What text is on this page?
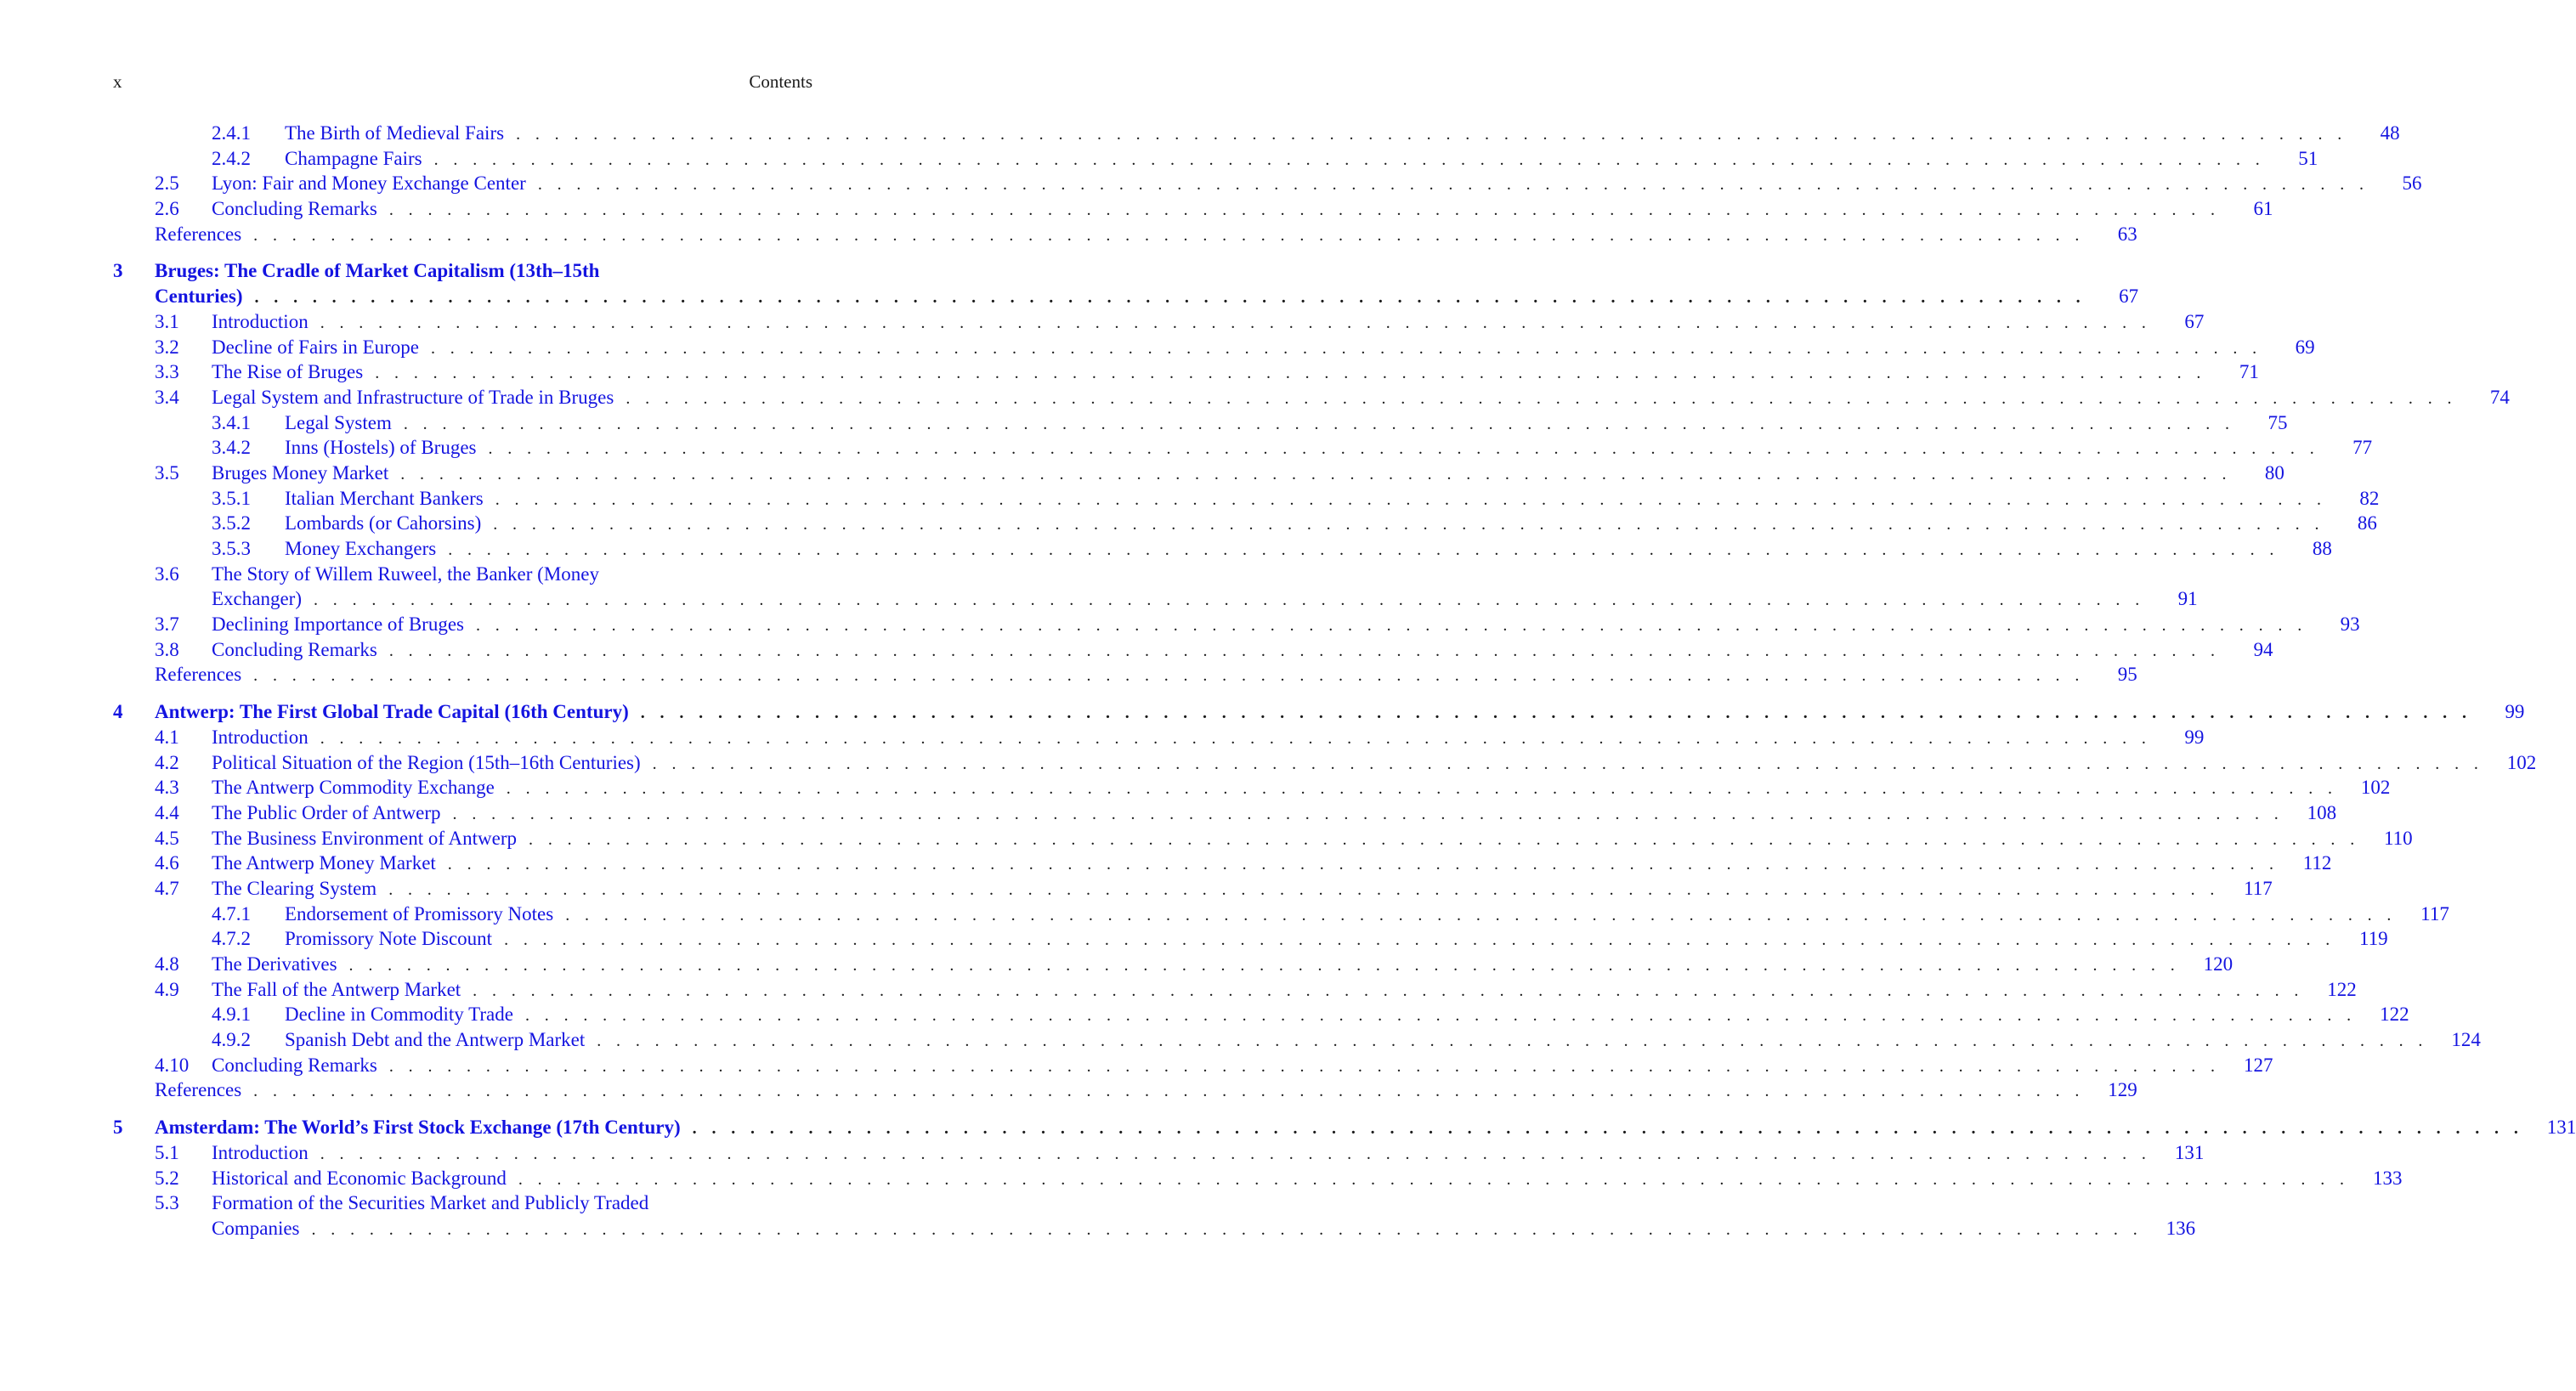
x	Contents
2.4.1 The Birth of Medieval Fairs . . .	48
2.4.2 Champagne Fairs . . .	51
2.5 Lyon: Fair and Money Exchange Center . . .	56
2.6 Concluding Remarks . . .	61
References . . .	63
3 Bruges: The Cradle of Market Capitalism (13th–15th
Centuries) . . .	67
3.1 Introduction . . .	67
3.2 Decline of Fairs in Europe . . .	69
3.3 The Rise of Bruges . . .	71
3.4 Legal System and Infrastructure of Trade in Bruges . . .	74
3.4.1 Legal System . . .	75
3.4.2 Inns (Hostels) of Bruges . . .	77
3.5 Bruges Money Market . . .	80
3.5.1 Italian Merchant Bankers . . .	82
3.5.2 Lombards (or Cahorsins) . . .	86
3.5.3 Money Exchangers . . .	88
3.6 The Story of Willem Ruweel, the Banker (Money
Exchanger) . . .	91
3.7 Declining Importance of Bruges . . .	93
3.8 Concluding Remarks . . .	94
References . . .	95
4 Antwerp: The First Global Trade Capital (16th Century) . . .	99
4.1 Introduction . . .	99
4.2 Political Situation of the Region (15th–16th Centuries) . . .	102
4.3 The Antwerp Commodity Exchange . . .	102
4.4 The Public Order of Antwerp . . .	108
4.5 The Business Environment of Antwerp . . .	110
4.6 The Antwerp Money Market . . .	112
4.7 The Clearing System . . .	117
4.7.1 Endorsement of Promissory Notes . . .	117
4.7.2 Promissory Note Discount . . .	119
4.8 The Derivatives . . .	120
4.9 The Fall of the Antwerp Market . . .	122
4.9.1 Decline in Commodity Trade . . .	122
4.9.2 Spanish Debt and the Antwerp Market . . .	124
4.10 Concluding Remarks . . .	127
References . . .	129
5 Amsterdam: The World’s First Stock Exchange (17th Century) . . .	131
5.1 Introduction . . .	131
5.2 Historical and Economic Background . . .	133
5.3 Formation of the Securities Market and Publicly Traded
Companies . . .	136
